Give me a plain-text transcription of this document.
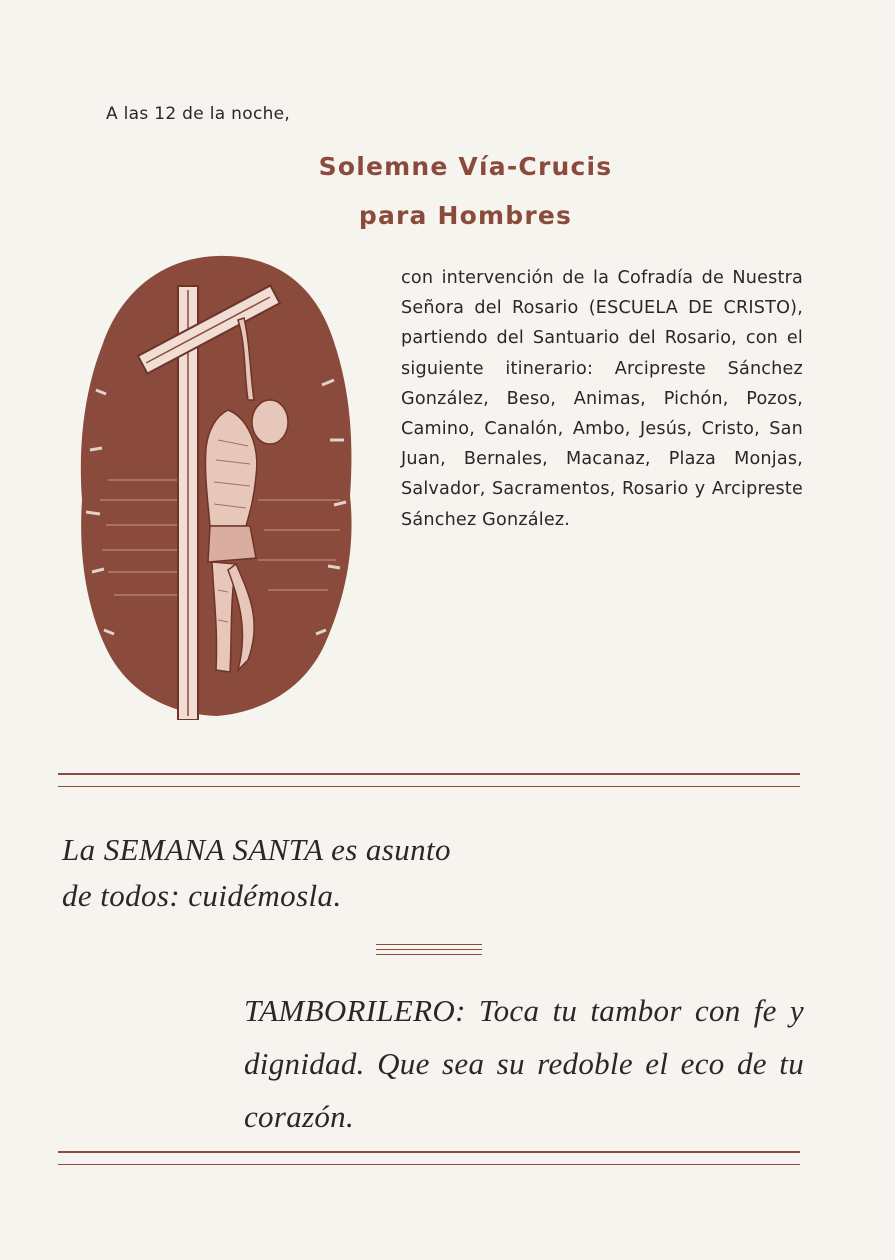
A las 12 de la noche,
Solemne Vía-Crucis
para Hombres
con intervención de la Cofradía de Nuestra Señora del Rosario (ESCUELA DE CRISTO), partiendo del Santuario del Rosario, con el siguiente itinerario: Arcipreste Sánchez González, Beso, Animas, Pichón, Pozos, Camino, Canalón, Ambo, Jesús, Cristo, San Juan, Bernales, Macanaz, Plaza Monjas, Salvador, Sacramentos, Rosario y Arcipreste Sánchez González.
La SEMANA SANTA es asunto
de todos: cuidémosla.
TAMBORILERO: Toca tu tambor con fe y dignidad. Que sea su redoble el eco de tu corazón.
